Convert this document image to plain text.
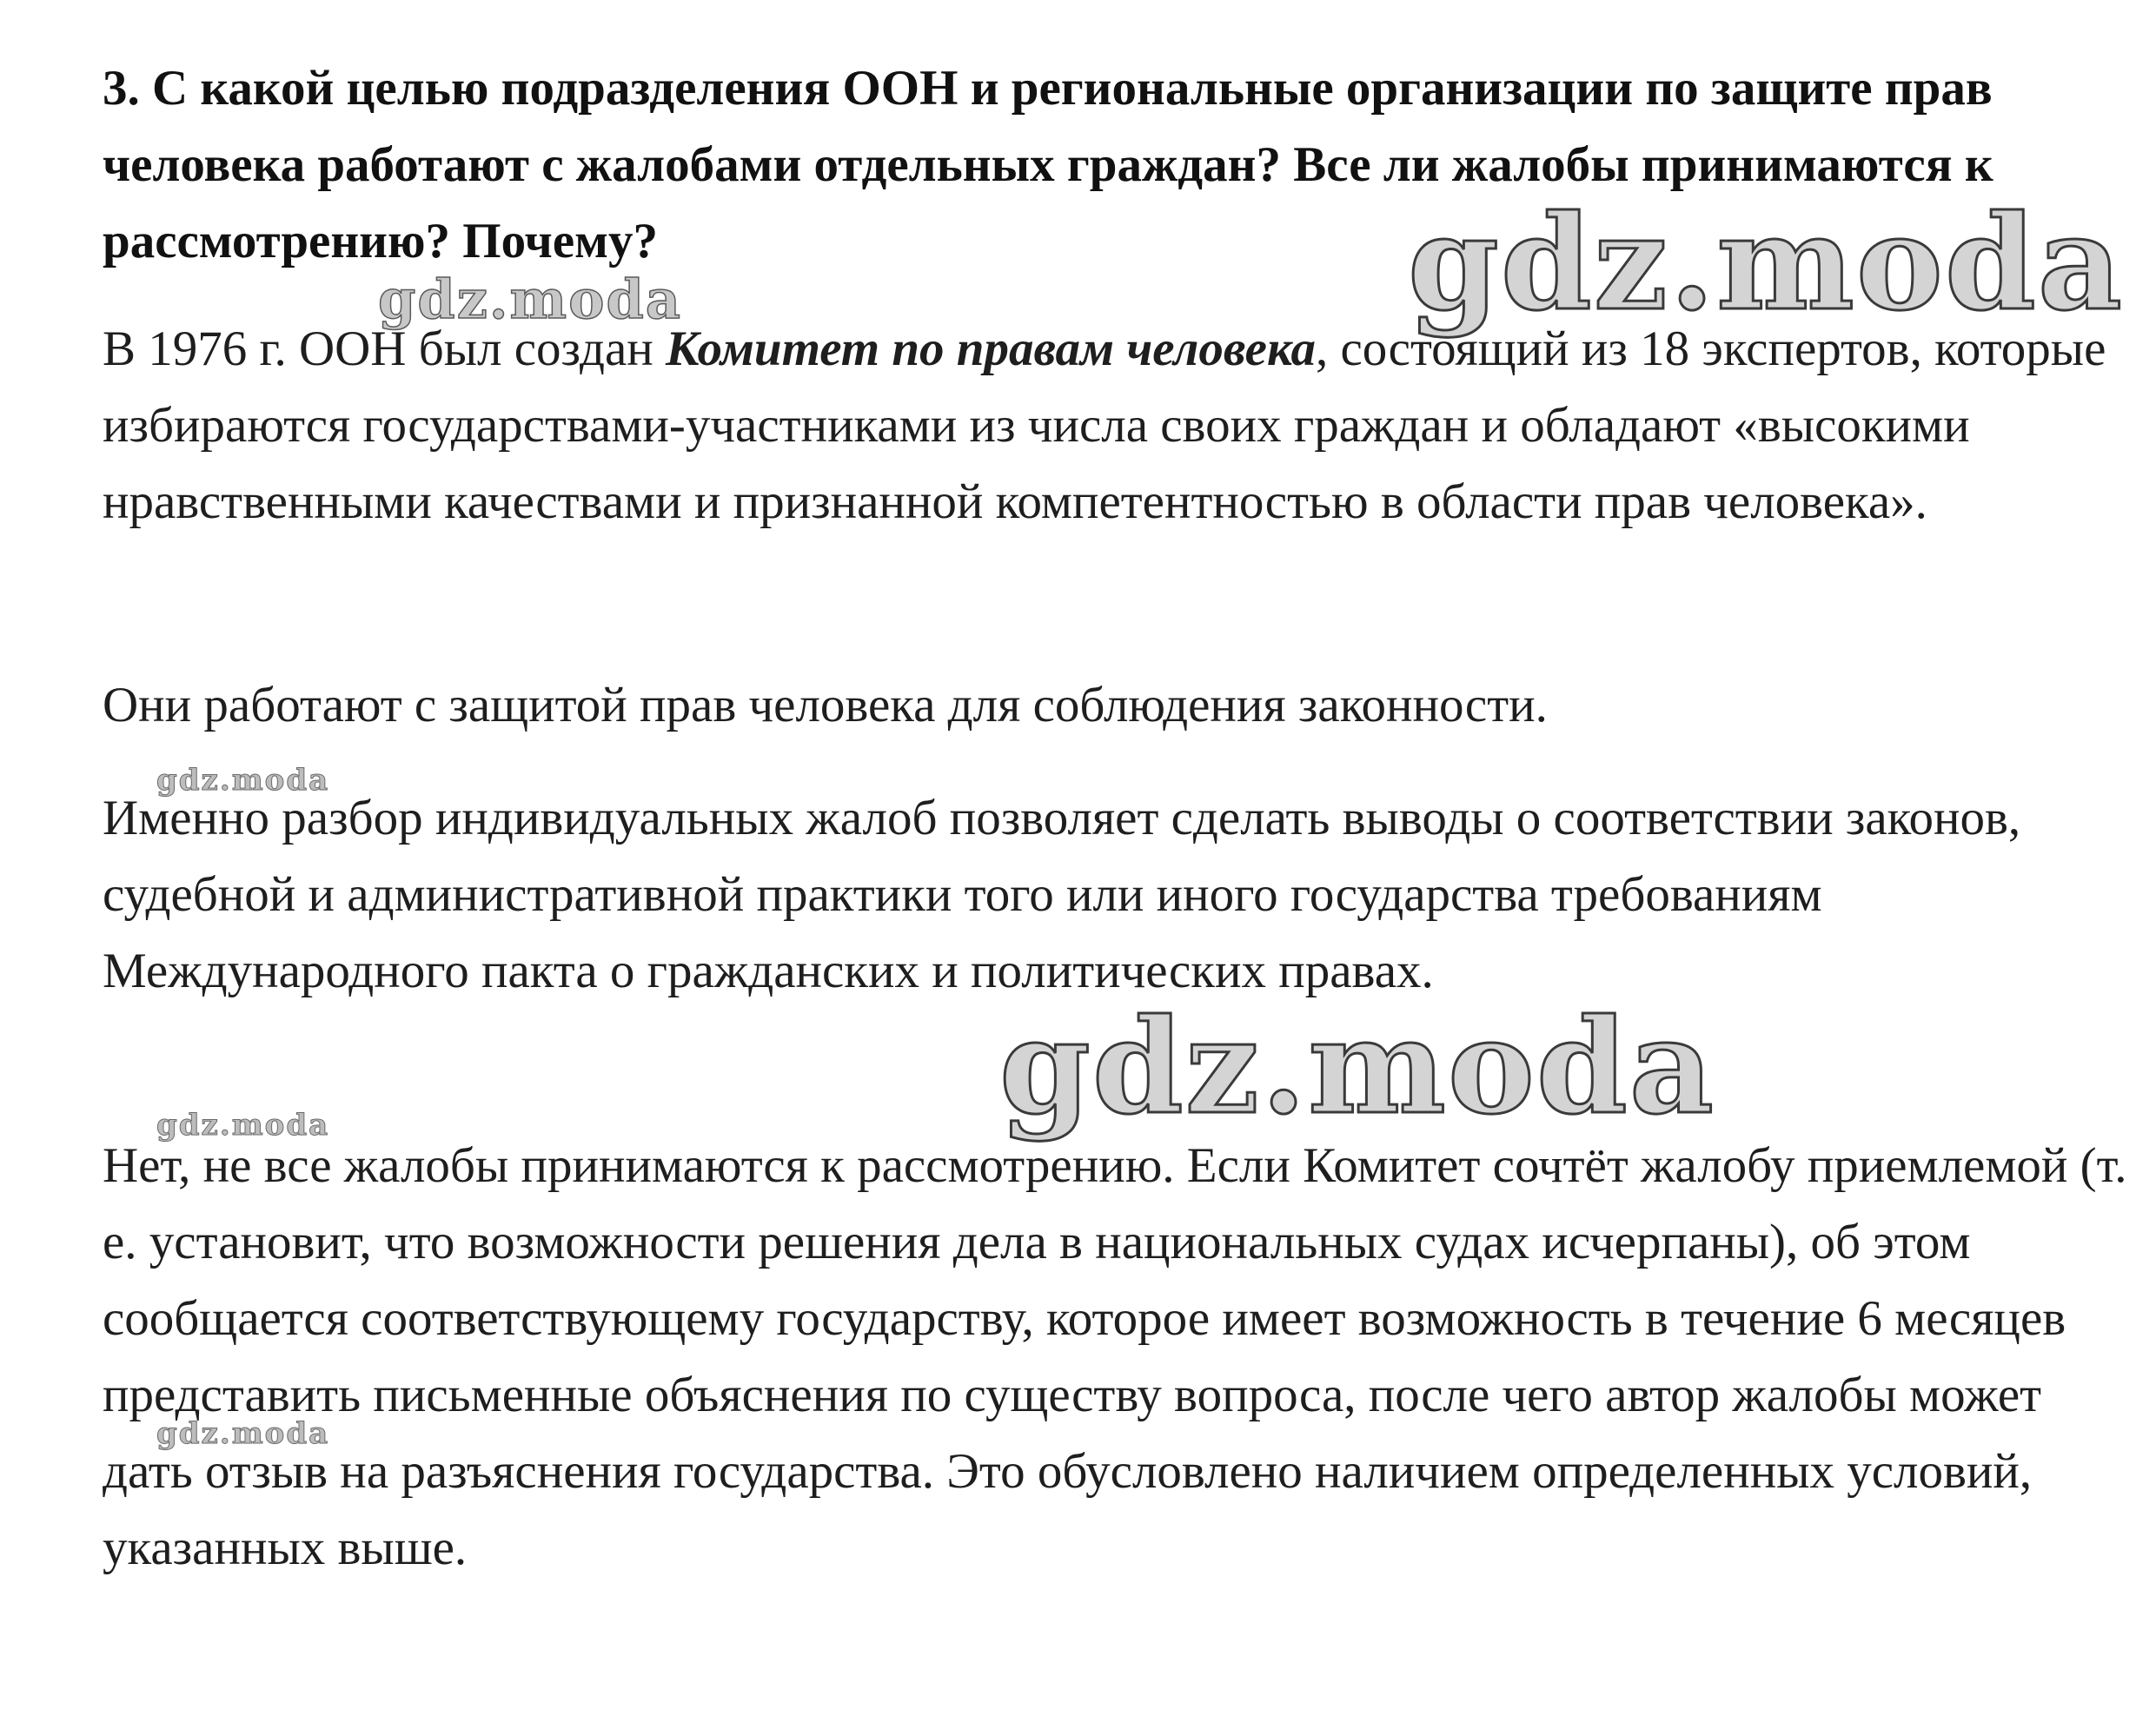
3. С какой целью подразделения ООН и региональные организации по защите прав человека работают с жалобами отдельных граждан? Все ли жалобы принимаются к рассмотрению? Почему?

В 1976 г. ООН был создан Комитет по правам человека, состоящий из 18 экспертов, которые избираются государствами-участниками из числа своих граждан и обладают «высокими нравственными качествами и признанной компетентностью в области прав человека».

Они работают с защитой прав человека для соблюдения законности.

Именно разбор индивидуальных жалоб позволяет сделать выводы о соответствии законов, судебной и административной практики того или иного государства требованиям Международного пакта о гражданских и политических правах.

Нет, не все жалобы принимаются к рассмотрению. Если Комитет сочтёт жалобу приемлемой (т. е. установит, что возможности решения дела в национальных судах исчерпаны), об этом сообщается соответствующему государству, которое имеет возможность в течение 6 месяцев представить письменные объяснения по существу вопроса, после чего автор жалобы может дать отзыв на разъяснения государства. Это обусловлено наличием определенных условий, указанных выше.

gdz.moda
gdz.moda
gdz.moda
gdz.moda
gdz.moda
gdz.moda
